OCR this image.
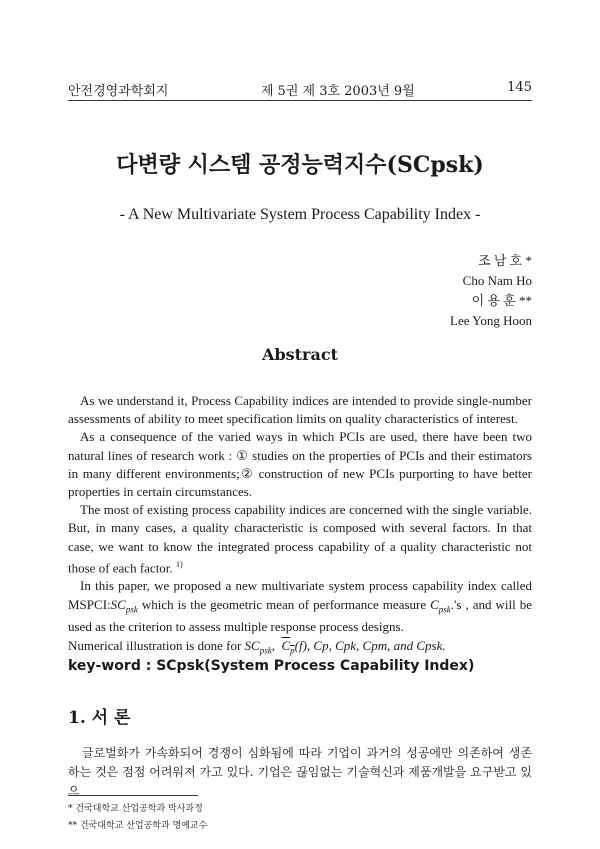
안전경영과학회지	제 5권 제 3호 2003년 9월	145
다변량 시스템 공정능력지수(SCpsk)
- A New Multivariate System Process Capability Index -
조 남 호 *
Cho Nam Ho
이 용 훈 **
Lee Yong Hoon
Abstract

As we understand it, Process Capability indices are intended to provide single-number assessments of ability to meet specification limits on quality characteristics of interest.

As a consequence of the varied ways in which PCIs are used, there have been two natural lines of research work : ① studies on the properties of PCIs and their estimators in many different environments;② construction of new PCIs purporting to have better properties in certain circumstances.

The most of existing process capability indices are concerned with the single variable. But, in many cases, a quality characteristic is composed with several factors. In that case, we want to know the integrated process capability of a quality characteristic not those of each factor. $^{1)}$

In this paper, we proposed a new multivariate system process capability index called $MSPCI:SC_{psk}$ which is the geometric mean of performance measure $C_{psk}.'s$ , and will be used as the criterion to assess multiple response process designs.

Numerical illustration is done for $SC_{psk}$, $C_p(f)$, Cp, Cpk, Cpm, and Cpsk.

key-word : SCpsk(System Process Capability Index)
1. 서 론

글로벌화가 가속화되어 경쟁이 심화됨에 따라 기업이 과거의 성공에만 의존하여 생존하는 것은 점점 어려워져 가고 있다. 기업은 끊임없는 기술혁신과 제품개발을 요구받고 있으

* 건국대학교 산업공학과 박사과정
** 건국대학교 산업공학과 명예교수
